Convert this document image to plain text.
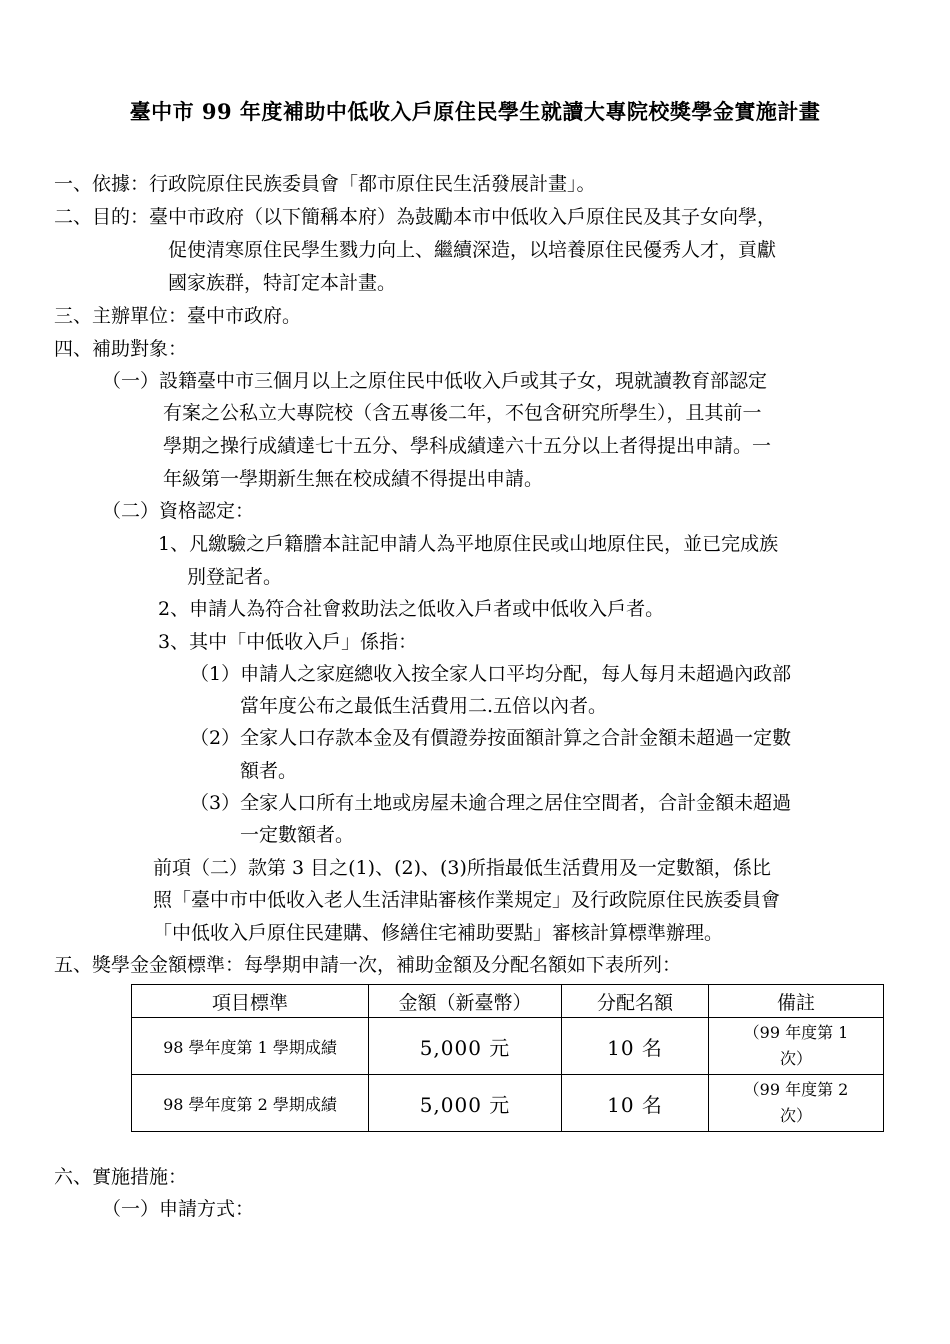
臺中市 99 年度補助中低收入戶原住民學生就讀大專院校獎學金實施計畫
一、依據：行政院原住民族委員會「都市原住民生活發展計畫」。
二、目的：臺中市政府（以下簡稱本府）為鼓勵本市中低收入戶原住民及其子女向學，
促使清寒原住民學生戮力向上、繼續深造，以培養原住民優秀人才，貢獻
國家族群，特訂定本計畫。
三、主辦單位：臺中市政府。
四、補助對象：
（一）設籍臺中市三個月以上之原住民中低收入戶或其子女，現就讀教育部認定
有案之公私立大專院校（含五專後二年，不包含研究所學生），且其前一
學期之操行成績達七十五分、學科成績達六十五分以上者得提出申請。一
年級第一學期新生無在校成績不得提出申請。
（二）資格認定：
1、凡繳驗之戶籍謄本註記申請人為平地原住民或山地原住民，並已完成族
別登記者。
2、申請人為符合社會救助法之低收入戶者或中低收入戶者。
3、其中「中低收入戶」係指：
（1）申請人之家庭總收入按全家人口平均分配，每人每月未超過內政部
當年度公布之最低生活費用二.五倍以內者。
（2）全家人口存款本金及有價證券按面額計算之合計金額未超過一定數
額者。
（3）全家人口所有土地或房屋未逾合理之居住空間者，合計金額未超過
一定數額者。
前項（二）款第 3 目之(1)、(2)、(3)所指最低生活費用及一定數額，係比
照「臺中市中低收入老人生活津貼審核作業規定」及行政院原住民族委員會
「中低收入戶原住民建購、修繕住宅補助要點」審核計算標準辦理。
五、獎學金金額標準：每學期申請一次，補助金額及分配名額如下表所列：
項目標準	金額（新臺幣）	分配名額	備註
98 學年度第 1 學期成績	5,000 元	10 名	（99 年度第 1
次）

98 學年度第 2 學期成績	5,000 元	10 名	（99 年度第 2
次）
六、實施措施：
（一）申請方式：
